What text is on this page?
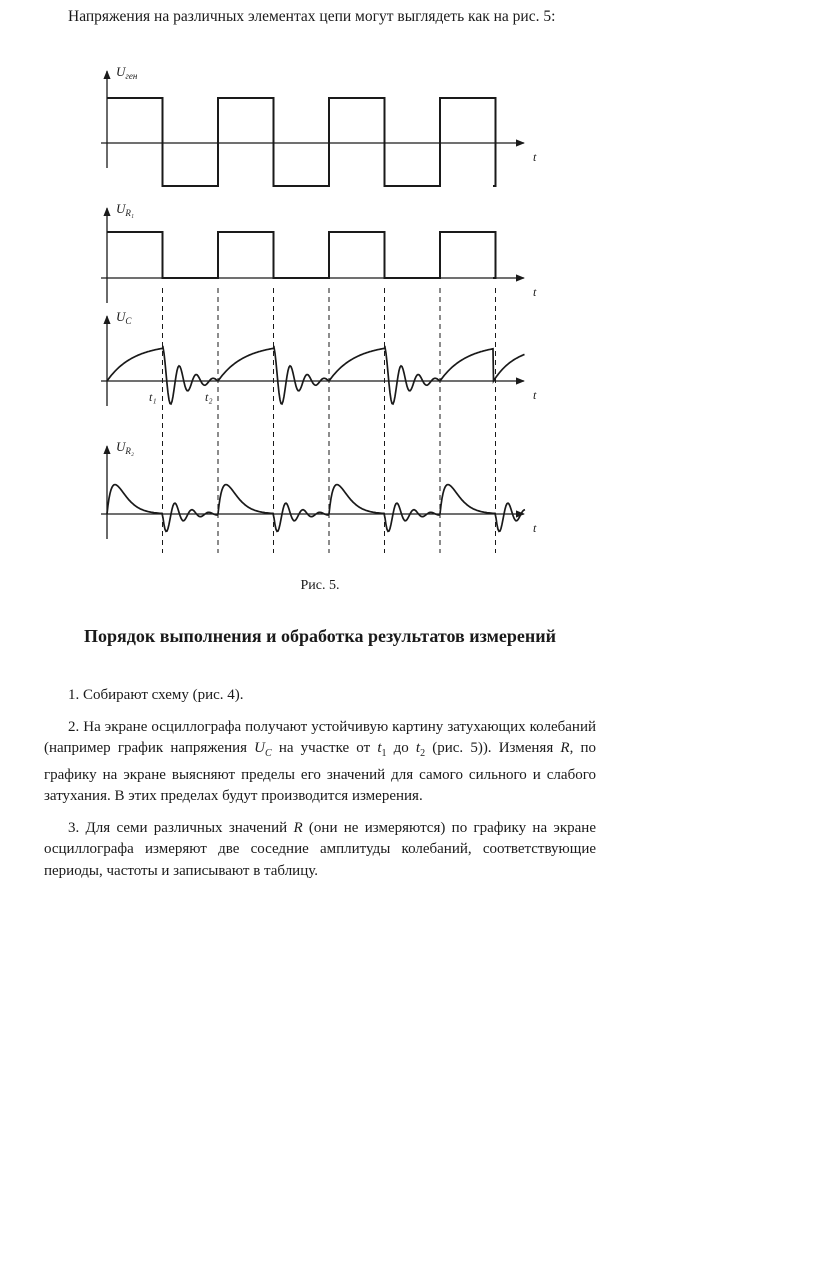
Напряжения на различных элементах цепи могут выглядеть как на рис. 5:

$U_{ген}$
t
$U_{R_1}$
t
$U_C$
t
$U_{R_2}$
t
t₁	t₂

Рис. 5.

Порядок выполнения и обработка результатов измерений

1. Собирают схему (рис. 4).

2. На экране осциллографа получают устойчивую картину затухающих колебаний (например график напряжения $U_C$ на участке от $t_1$ до $t_2$ (рис. 5)). Изменяя R, по графику на экране выясняют пределы его значений для самого сильного и слабого затухания. В этих пределах будут производится измерения.

3. Для семи различных значений R (они не измеряются) по графику на экране осциллографа измеряют две соседние амплитуды колебаний, соответствующие периоды, частоты и записывают в таблицу.
